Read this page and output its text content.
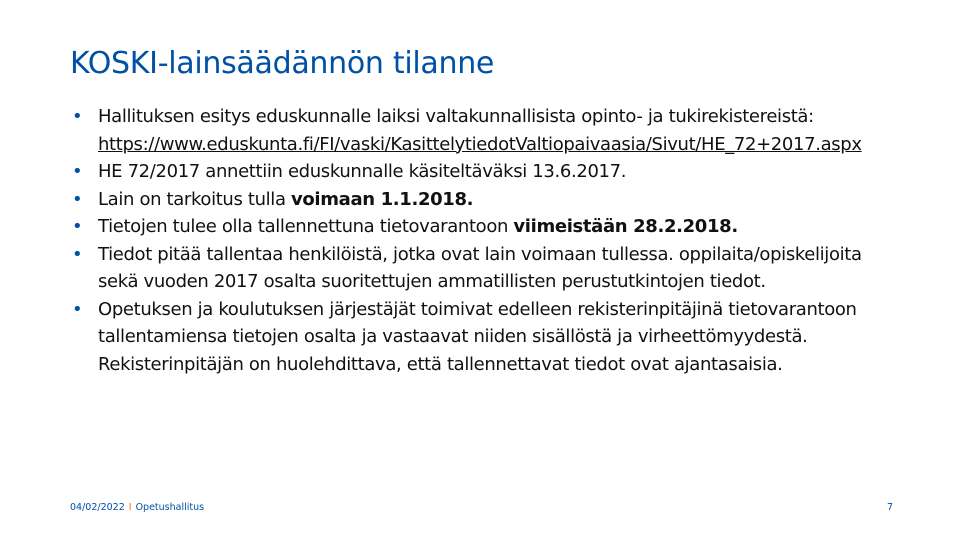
KOSKI-lainsäädännön tilanne
• Hallituksen esitys eduskunnalle laiksi valtakunnallisista opinto- ja tukirekistereistä:
https://www.eduskunta.fi/FI/vaski/KasittelytiedotValtiopaivaasia/Sivut/HE_72+2017.aspx
• HE 72/2017 annettiin eduskunnalle käsiteltäväksi 13.6.2017.
• Lain on tarkoitus tulla voimaan 1.1.2018.
• Tietojen tulee olla tallennettuna tietovarantoon viimeistään 28.2.2018.
• Tiedot pitää tallentaa henkilöistä, jotka ovat lain voimaan tullessa. oppilaita/opiskelijoita sekä vuoden 2017 osalta suoritettujen ammatillisten perustutkintojen tiedot.
• Opetuksen ja koulutuksen järjestäjät toimivat edelleen rekisterinpitäjinä tietovarantoon tallentamiensa tietojen osalta ja vastaavat niiden sisällöstä ja virheettömyydestä. Rekisterinpitäjän on huolehdittava, että tallennettavat tiedot ovat ajantasaisia.
04/02/2022 I Opetushallitus	7
